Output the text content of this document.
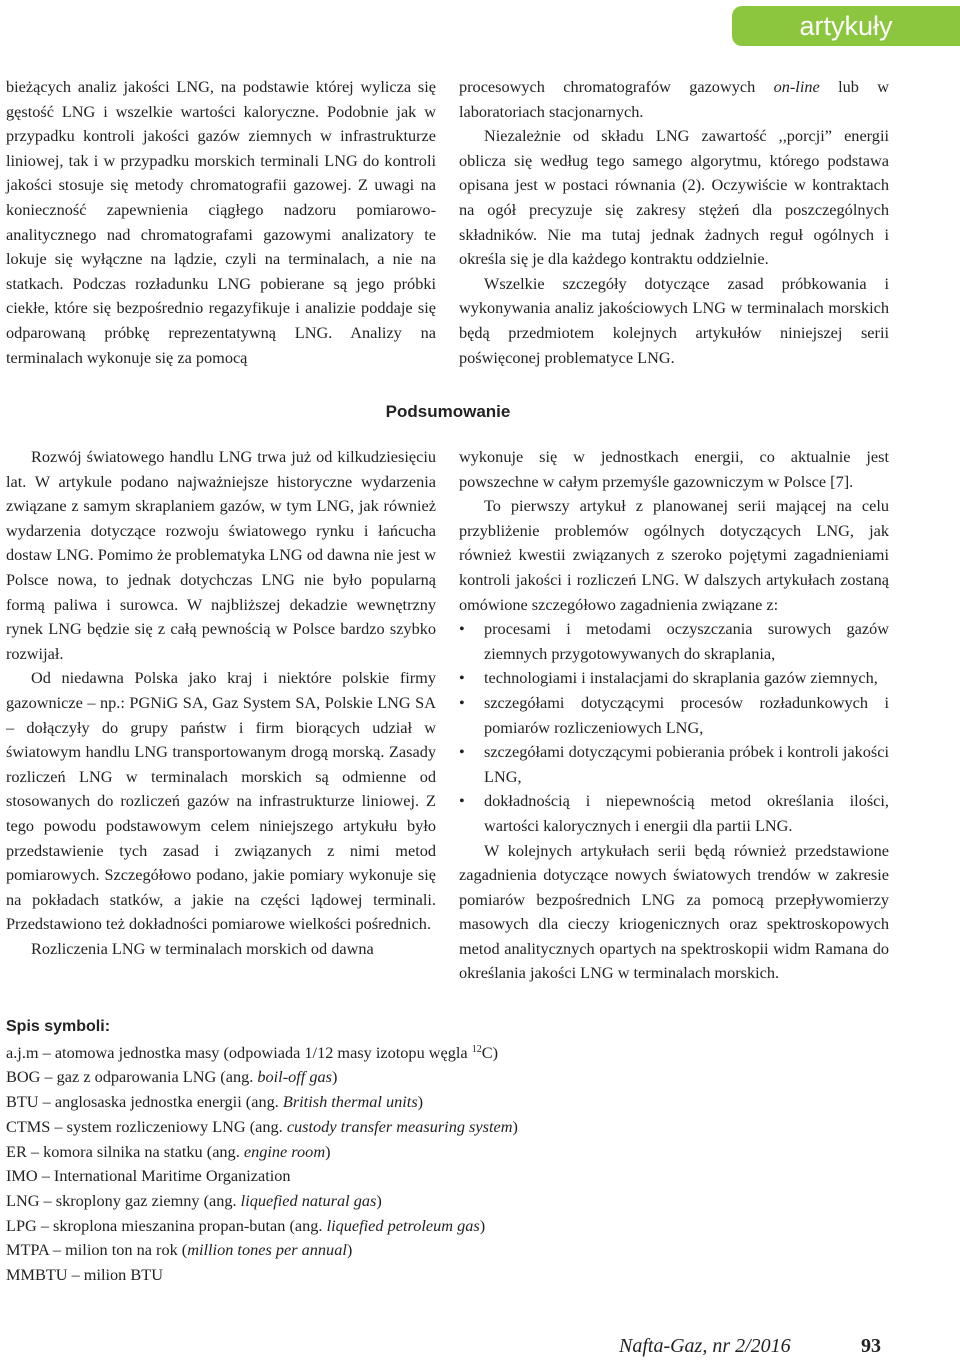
artykuły

bieżących analiz jakości LNG, na podstawie której wylicza się gęstość LNG i wszelkie wartości kaloryczne. Podobnie jak w przypadku kontroli jakości gazów ziemnych w infrastrukturze liniowej, tak i w przypadku morskich terminali LNG do kontroli jakości stosuje się metody chromatografii gazowej. Z uwagi na konieczność zapewnienia ciągłego nadzoru pomiarowo-analitycznego nad chromatografami gazowymi analizatory te lokuje się wyłączne na lądzie, czyli na terminalach, a nie na statkach. Podczas rozładunku LNG pobierane są jego próbki ciekłe, które się bezpośrednio regazyfikuje i analizie poddaje się odparowaną próbkę reprezentatywną LNG. Analizy na terminalach wykonuje się za pomocą

procesowych chromatografów gazowych on-line lub w laboratoriach stacjonarnych.

Niezależnie od składu LNG zawartość ,,porcji” energii oblicza się według tego samego algorytmu, którego podstawa opisana jest w postaci równania (2). Oczywiście w kontraktach na ogół precyzuje się zakresy stężeń dla poszczególnych składników. Nie ma tutaj jednak żadnych reguł ogólnych i określa się je dla każdego kontraktu oddzielnie.

Wszelkie szczegóły dotyczące zasad próbkowania i wykonywania analiz jakościowych LNG w terminalach morskich będą przedmiotem kolejnych artykułów niniejszej serii poświęconej problematyce LNG.

Podsumowanie

Rozwój światowego handlu LNG trwa już od kilkudziesięciu lat. W artykule podano najważniejsze historyczne wydarzenia związane z samym skraplaniem gazów, w tym LNG, jak również wydarzenia dotyczące rozwoju światowego rynku i łańcucha dostaw LNG. Pomimo że problematyka LNG od dawna nie jest w Polsce nowa, to jednak dotychczas LNG nie było popularną formą paliwa i surowca. W najbliższej dekadzie wewnętrzny rynek LNG będzie się z całą pewnością w Polsce bardzo szybko rozwijał.

Od niedawna Polska jako kraj i niektóre polskie firmy gazownicze – np.: PGNiG SA, Gaz System SA, Polskie LNG SA – dołączyły do grupy państw i firm biorących udział w światowym handlu LNG transportowanym drogą morską. Zasady rozliczeń LNG w terminalach morskich są odmienne od stosowanych do rozliczeń gazów na infrastrukturze liniowej. Z tego powodu podstawowym celem niniejszego artykułu było przedstawienie tych zasad i związanych z nimi metod pomiarowych. Szczegółowo podano, jakie pomiary wykonuje się na pokładach statków, a jakie na części lądowej terminali. Przedstawiono też dokładności pomiarowe wielkości pośrednich.

Rozliczenia LNG w terminalach morskich od dawna

wykonuje się w jednostkach energii, co aktualnie jest powszechne w całym przemyśle gazowniczym w Polsce [7].

To pierwszy artykuł z planowanej serii mającej na celu przybliżenie problemów ogólnych dotyczących LNG, jak również kwestii związanych z szeroko pojętymi zagadnieniami kontroli jakości i rozliczeń LNG. W dalszych artykułach zostaną omówione szczegółowo zagadnienia związane z:

• procesami i metodami oczyszczania surowych gazów ziemnych przygotowywanych do skraplania,
• technologiami i instalacjami do skraplania gazów ziemnych,
• szczegółami dotyczącymi procesów rozładunkowych i pomiarów rozliczeniowych LNG,
• szczegółami dotyczącymi pobierania próbek i kontroli jakości LNG,
• dokładnością i niepewnością metod określania ilości, wartości kalorycznych i energii dla partii LNG.

W kolejnych artykułach serii będą również przedstawione zagadnienia dotyczące nowych światowych trendów w zakresie pomiarów bezpośrednich LNG za pomocą przepływomierzy masowych dla cieczy kriogenicznych oraz spektroskopowych metod analitycznych opartych na spektroskopii widm Ramana do określania jakości LNG w terminalach morskich.

Spis symboli:
a.j.m – atomowa jednostka masy (odpowiada 1/12 masy izotopu węgla $^{12}$C)
BOG – gaz z odparowania LNG (ang. boil-off gas)
BTU – anglosaska jednostka energii (ang. British thermal units)
CTMS – system rozliczeniowy LNG (ang. custody transfer measuring system)
ER – komora silnika na statku (ang. engine room)
IMO – International Maritime Organization
LNG – skroplony gaz ziemny (ang. liquefied natural gas)
LPG – skroplona mieszanina propan-butan (ang. liquefied petroleum gas)
MTPA – milion ton na rok (million tones per annual)
MMBTU – milion BTU
Nafta-Gaz, nr 2/2016	93
